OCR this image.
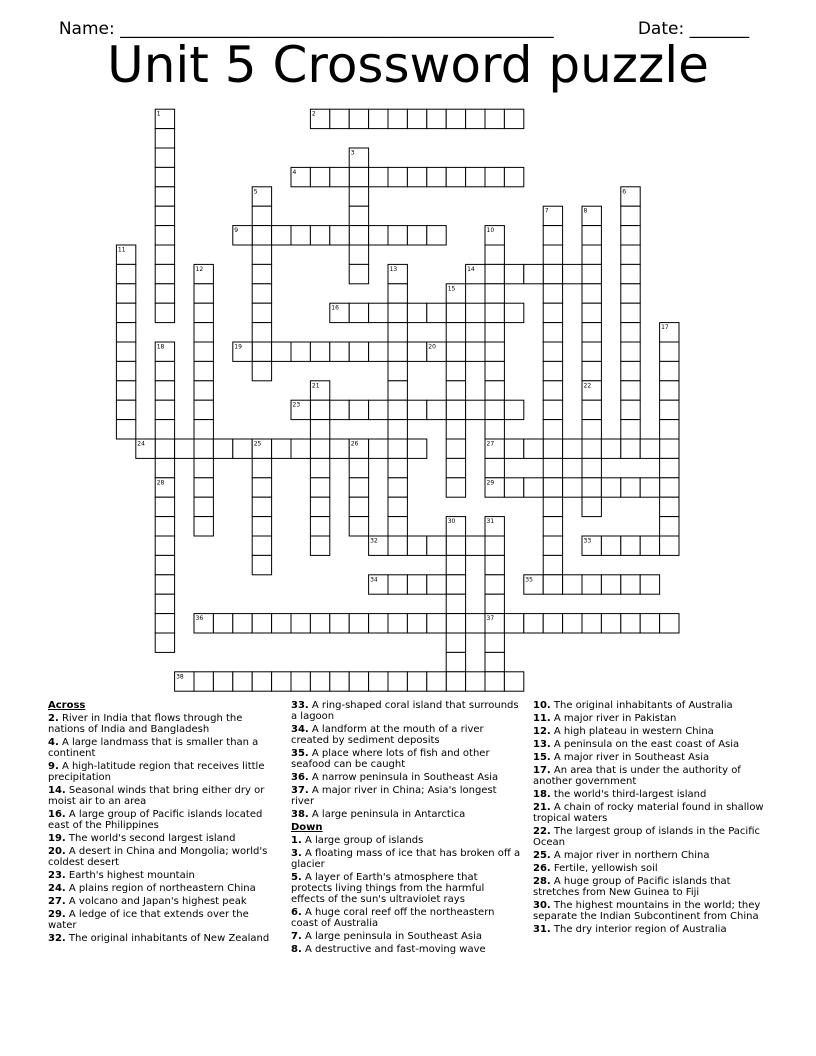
Name: ___________________________________________________	Date: _______

Unit 5 Crossword puzzle
1	2
3
4
5	6
7	8
9	10
11
12	13	14
15
16
17
18	19	20
21	22
23
24	25	26	27
28	29
30	31
32	33
34	35
36	37
38
Across
2. River in India that flows through the nations of India and Bangladesh
4. A large landmass that is smaller than a continent
9. A high-latitude region that receives little precipitation
14. Seasonal winds that bring either dry or moist air to an area
16. A large group of Pacific islands located east of the Philippines
19. The world's second largest island
20. A desert in China and Mongolia; world's coldest desert
23. Earth's highest mountain
24. A plains region of northeastern China
27. A volcano and Japan's highest peak
29. A ledge of ice that extends over the water
32. The original inhabitants of New Zealand
33. A ring-shaped coral island that surrounds a lagoon
34. A landform at the mouth of a river created by sediment deposits
35. A place where lots of fish and other seafood can be caught
36. A narrow peninsula in Southeast Asia
37. A major river in China; Asia's longest river
38. A large peninsula in Antarctica
Down
1. A large group of islands
3. A floating mass of ice that has broken off a glacier
5. A layer of Earth's atmosphere that protects living things from the harmful effects of the sun's ultraviolet rays
6. A huge coral reef off the northeastern coast of Australia
7. A large peninsula in Southeast Asia
8. A destructive and fast-moving wave
10. The original inhabitants of Australia
11. A major river in Pakistan
12. A high plateau in western China
13. A peninsula on the east coast of Asia
15. A major river in Southeast Asia
17. An area that is under the authority of another government
18. the world's third-largest island
21. A chain of rocky material found in shallow tropical waters
22. The largest group of islands in the Pacific Ocean
25. A major river in northern China
26. Fertile, yellowish soil
28. A huge group of Pacific islands that stretches from New Guinea to Fiji
30. The highest mountains in the world; they separate the Indian Subcontinent from China
31. The dry interior region of Australia
